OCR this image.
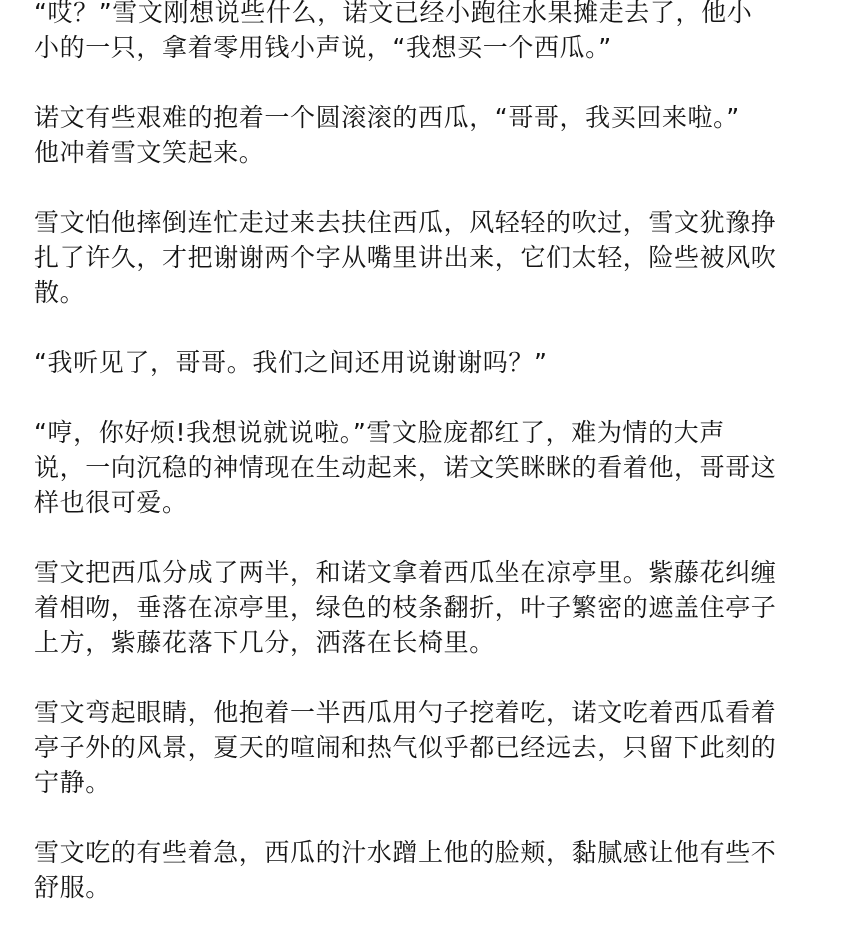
“哎？”雪文刚想说些什么，诺文已经小跑往水果摊走去了，他小
小的一只，拿着零用钱小声说，“我想买一个西瓜。”

诺文有些艰难的抱着一个圆滚滚的西瓜，“哥哥，我买回来啦。”
他冲着雪文笑起来。

雪文怕他摔倒连忙走过来去扶住西瓜，风轻轻的吹过，雪文犹豫挣
扎了许久，才把谢谢两个字从嘴里讲出来，它们太轻，险些被风吹
散。

“我听见了，哥哥。我们之间还用说谢谢吗？”

“哼，你好烦!我想说就说啦。”雪文脸庞都红了，难为情的大声
说，一向沉稳的神情现在生动起来，诺文笑眯眯的看着他，哥哥这
样也很可爱。

雪文把西瓜分成了两半，和诺文拿着西瓜坐在凉亭里。紫藤花纠缠
着相吻，垂落在凉亭里，绿色的枝条翻折，叶子繁密的遮盖住亭子
上方，紫藤花落下几分，洒落在长椅里。

雪文弯起眼睛，他抱着一半西瓜用勺子挖着吃，诺文吃着西瓜看着
亭子外的风景，夏天的喧闹和热气似乎都已经远去，只留下此刻的
宁静。

雪文吃的有些着急，西瓜的汁水蹭上他的脸颊，黏腻感让他有些不
舒服。
